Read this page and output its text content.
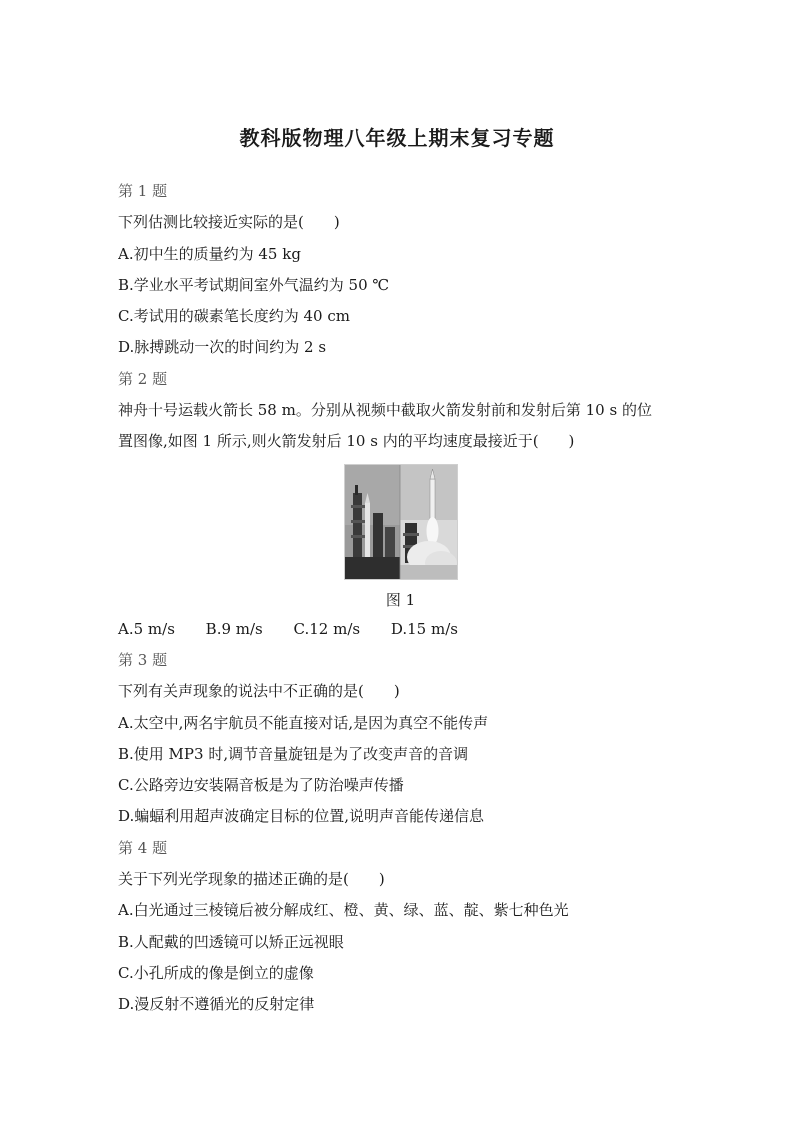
教科版物理八年级上期末复习专题
第 1 题
下列估测比较接近实际的是(　　)
A.初中生的质量约为 45 kg
B.学业水平考试期间室外气温约为 50 ℃
C.考试用的碳素笔长度约为 40 cm
D.脉搏跳动一次的时间约为 2 s
第 2 题
神舟十号运载火箭长 58 m。分别从视频中截取火箭发射前和发射后第 10 s 的位
置图像,如图 1 所示,则火箭发射后 10 s 内的平均速度最接近于(　　)
图 1
A.5 m/s B.9 m/s C.12 m/s D.15 m/s
第 3 题
下列有关声现象的说法中不正确的是(　　)
A.太空中,两名宇航员不能直接对话,是因为真空不能传声
B.使用 MP3 时,调节音量旋钮是为了改变声音的音调
C.公路旁边安装隔音板是为了防治噪声传播
D.蝙蝠利用超声波确定目标的位置,说明声音能传递信息
第 4 题
关于下列光学现象的描述正确的是(　　)
A.白光通过三棱镜后被分解成红、橙、黄、绿、蓝、靛、紫七种色光
B.人配戴的凹透镜可以矫正远视眼
C.小孔所成的像是倒立的虚像
D.漫反射不遵循光的反射定律
